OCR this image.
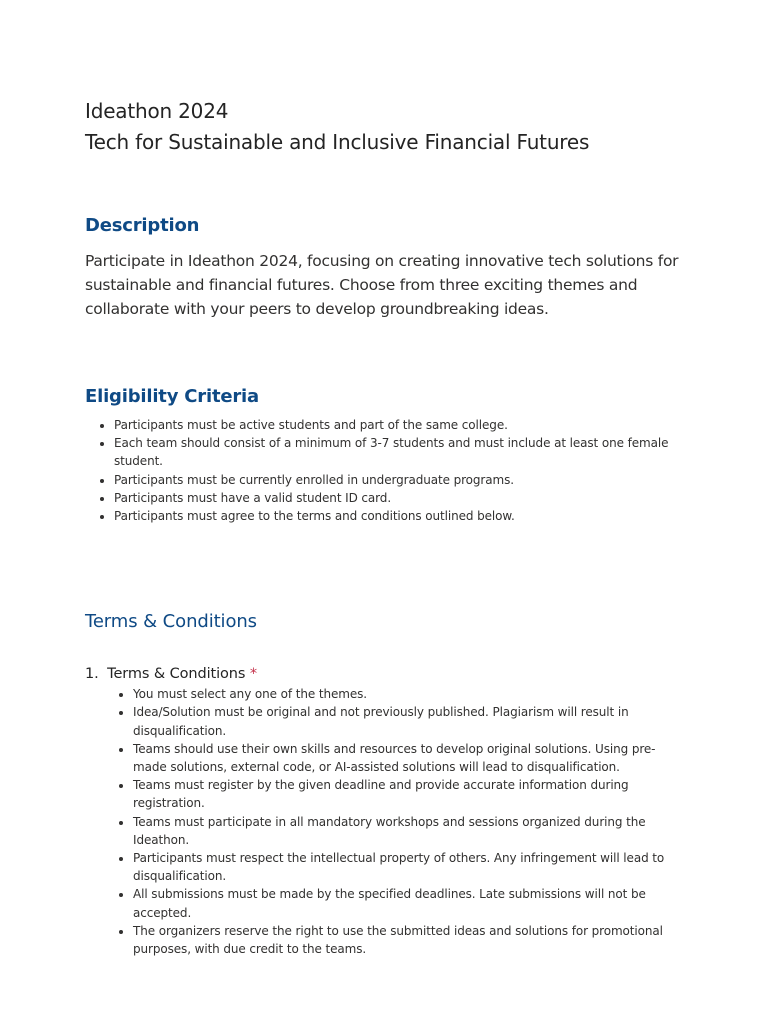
Ideathon 2024
Tech for Sustainable and Inclusive Financial Futures
Description
Participate in Ideathon 2024, focusing on creating innovative tech solutions for sustainable and financial futures. Choose from three exciting themes and collaborate with your peers to develop groundbreaking ideas.
Eligibility Criteria
• Participants must be active students and part of the same college.
• Each team should consist of a minimum of 3-7 students and must include at least one female student.
• Participants must be currently enrolled in undergraduate programs.
• Participants must have a valid student ID card.
• Participants must agree to the terms and conditions outlined below.
Terms & Conditions
1. Terms & Conditions *
• You must select any one of the themes.
• Idea/Solution must be original and not previously published. Plagiarism will result in disqualification.
• Teams should use their own skills and resources to develop original solutions. Using pre-made solutions, external code, or AI-assisted solutions will lead to disqualification.
• Teams must register by the given deadline and provide accurate information during registration.
• Teams must participate in all mandatory workshops and sessions organized during the Ideathon.
• Participants must respect the intellectual property of others. Any infringement will lead to disqualification.
• All submissions must be made by the specified deadlines. Late submissions will not be accepted.
• The organizers reserve the right to use the submitted ideas and solutions for promotional purposes, with due credit to the teams.
